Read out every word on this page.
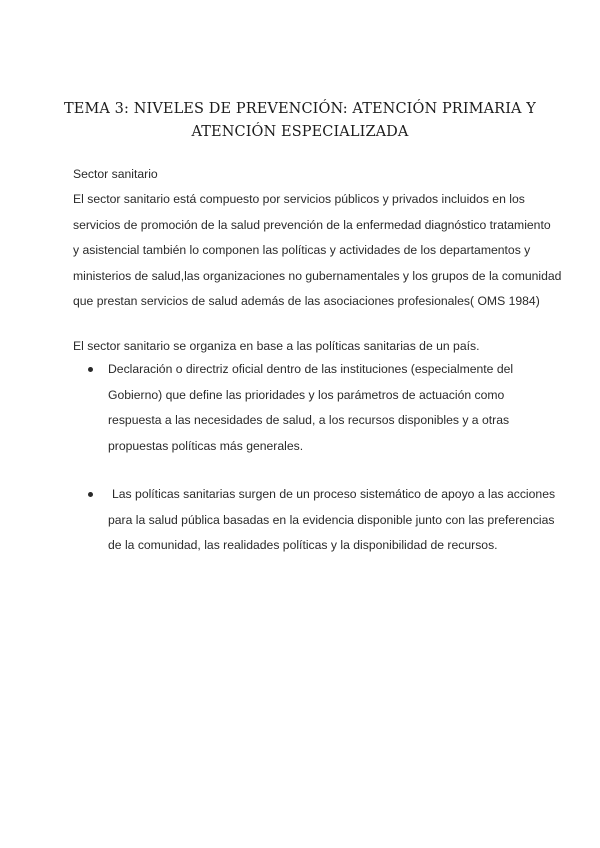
TEMA 3: NIVELES DE PREVENCIÓN: ATENCIÓN PRIMARIA Y
ATENCIÓN ESPECIALIZADA

Sector sanitario

El sector sanitario está compuesto por servicios públicos y privados incluidos en los
servicios de promoción de la salud prevención de la enfermedad diagnóstico tratamiento
y asistencial también lo componen las políticas y actividades de los departamentos y
ministerios de salud,las organizaciones no gubernamentales y los grupos de la comunidad
que prestan servicios de salud además de las asociaciones profesionales( OMS 1984)

El sector sanitario se organiza en base a las políticas sanitarias de un país.

Declaración o directriz oficial dentro de las instituciones (especialmente del
Gobierno) que define las prioridades y los parámetros de actuación como
respuesta a las necesidades de salud, a los recursos disponibles y a otras
propuestas políticas más generales.
Las políticas sanitarias surgen de un proceso sistemático de apoyo a las acciones
para la salud pública basadas en la evidencia disponible junto con las preferencias
de la comunidad, las realidades políticas y la disponibilidad de recursos.
